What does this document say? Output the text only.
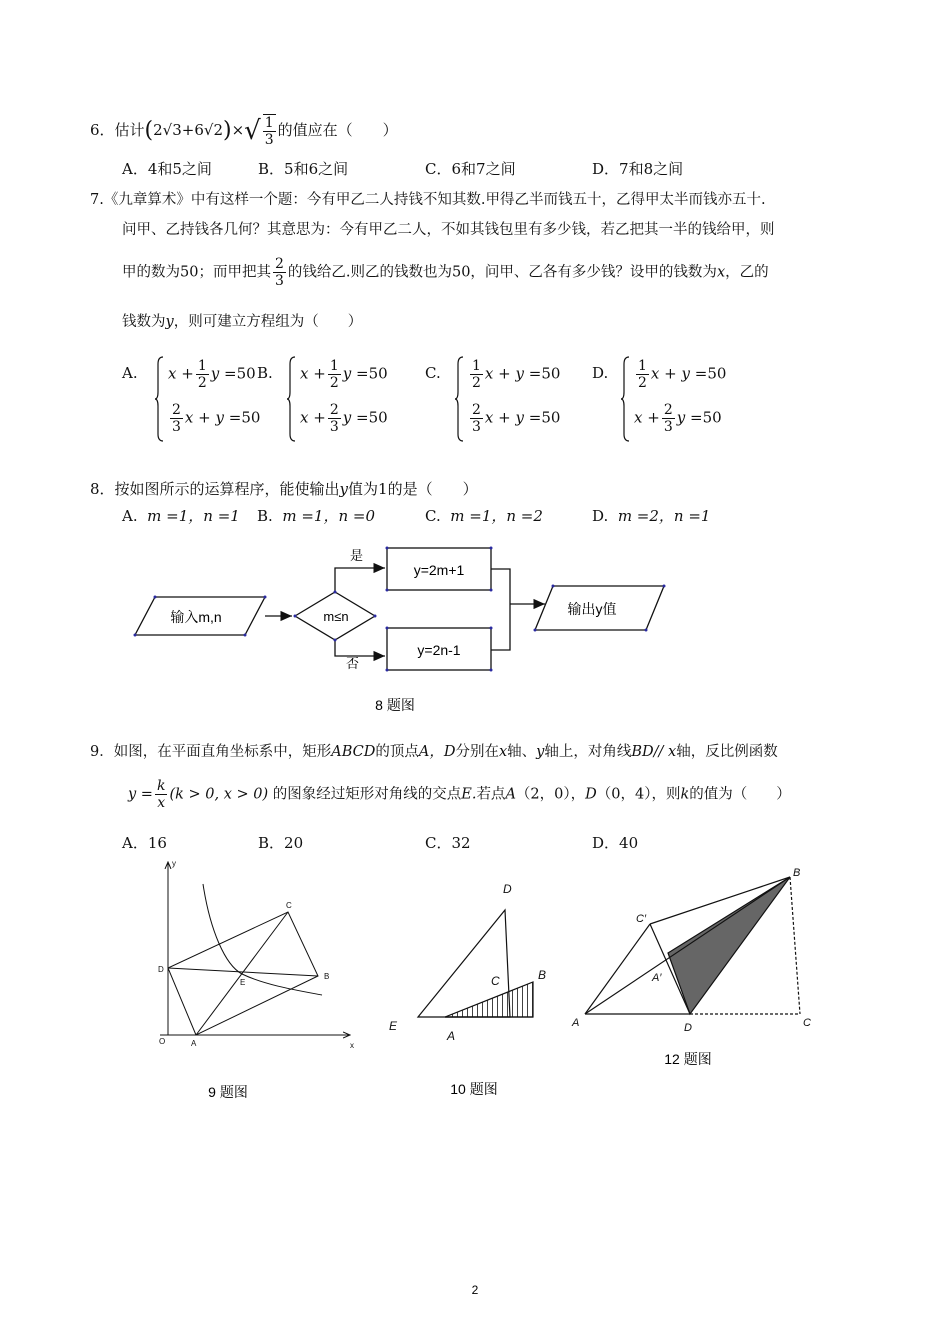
6．估计$(2√3+6√2)\times√ \frac{1}{3}$ 的值应在（　　）
A．4和5之间	B．5和6之间	C．6和7之间	D．7和8之间
7.《九章算术》中有这样一个题：今有甲乙二人持钱不知其数.甲得乙半而钱五十，乙得甲太半而钱亦五十.
问甲、乙持钱各几何？其意思为：今有甲乙二人，不如其钱包里有多少钱，若乙把其一半的钱给甲，则
甲的数为50；而甲把其 $\frac{2}{3}$ 的钱给乙.则乙的钱数也为50，问甲、乙各有多少钱？设甲的钱数为x，乙的
钱数为y，则可建立方程组为（　　）
A. $x + \frac{1}{2}$ y =50
$\frac{2}{3}$ x + y =50
B. $x + \frac{1}{2}$ y =50
$x + \frac{2}{3}$ y =50
C. $\frac{1}{2}$ x + y =50
$\frac{2}{3}$ x + y =50
D. $\frac{1}{2}$ x + y =50
$x + \frac{2}{3}$ y =50
8．按如图所示的运算程序，能使输出y值为1的是（　　）
A. m =1，n =1 B. m =1，n =0	C. m =1，n =2	D. m =2，n =1
输入m,n	m≤n
是
否
y=2m+1
y=2n-1
输出y值
8 题图
9．如图，在平面直角坐标系中，矩形ABCD的顶点A，D分别在x轴、y轴上，对角线BD// x轴，反比例函数
$y = \frac{k}{x} (k > 0$, x > 0) 的图象经过矩形对角线的交点E.若点A（2，0），D（0，4），则k的值为（　　）
A．16	B．20	C．32	D．40
y
x
O	A
D
C
B
E
9 题图
D
C	B
E
A
10 题图
B
C′
A′
A	D	C
12 题图
2
